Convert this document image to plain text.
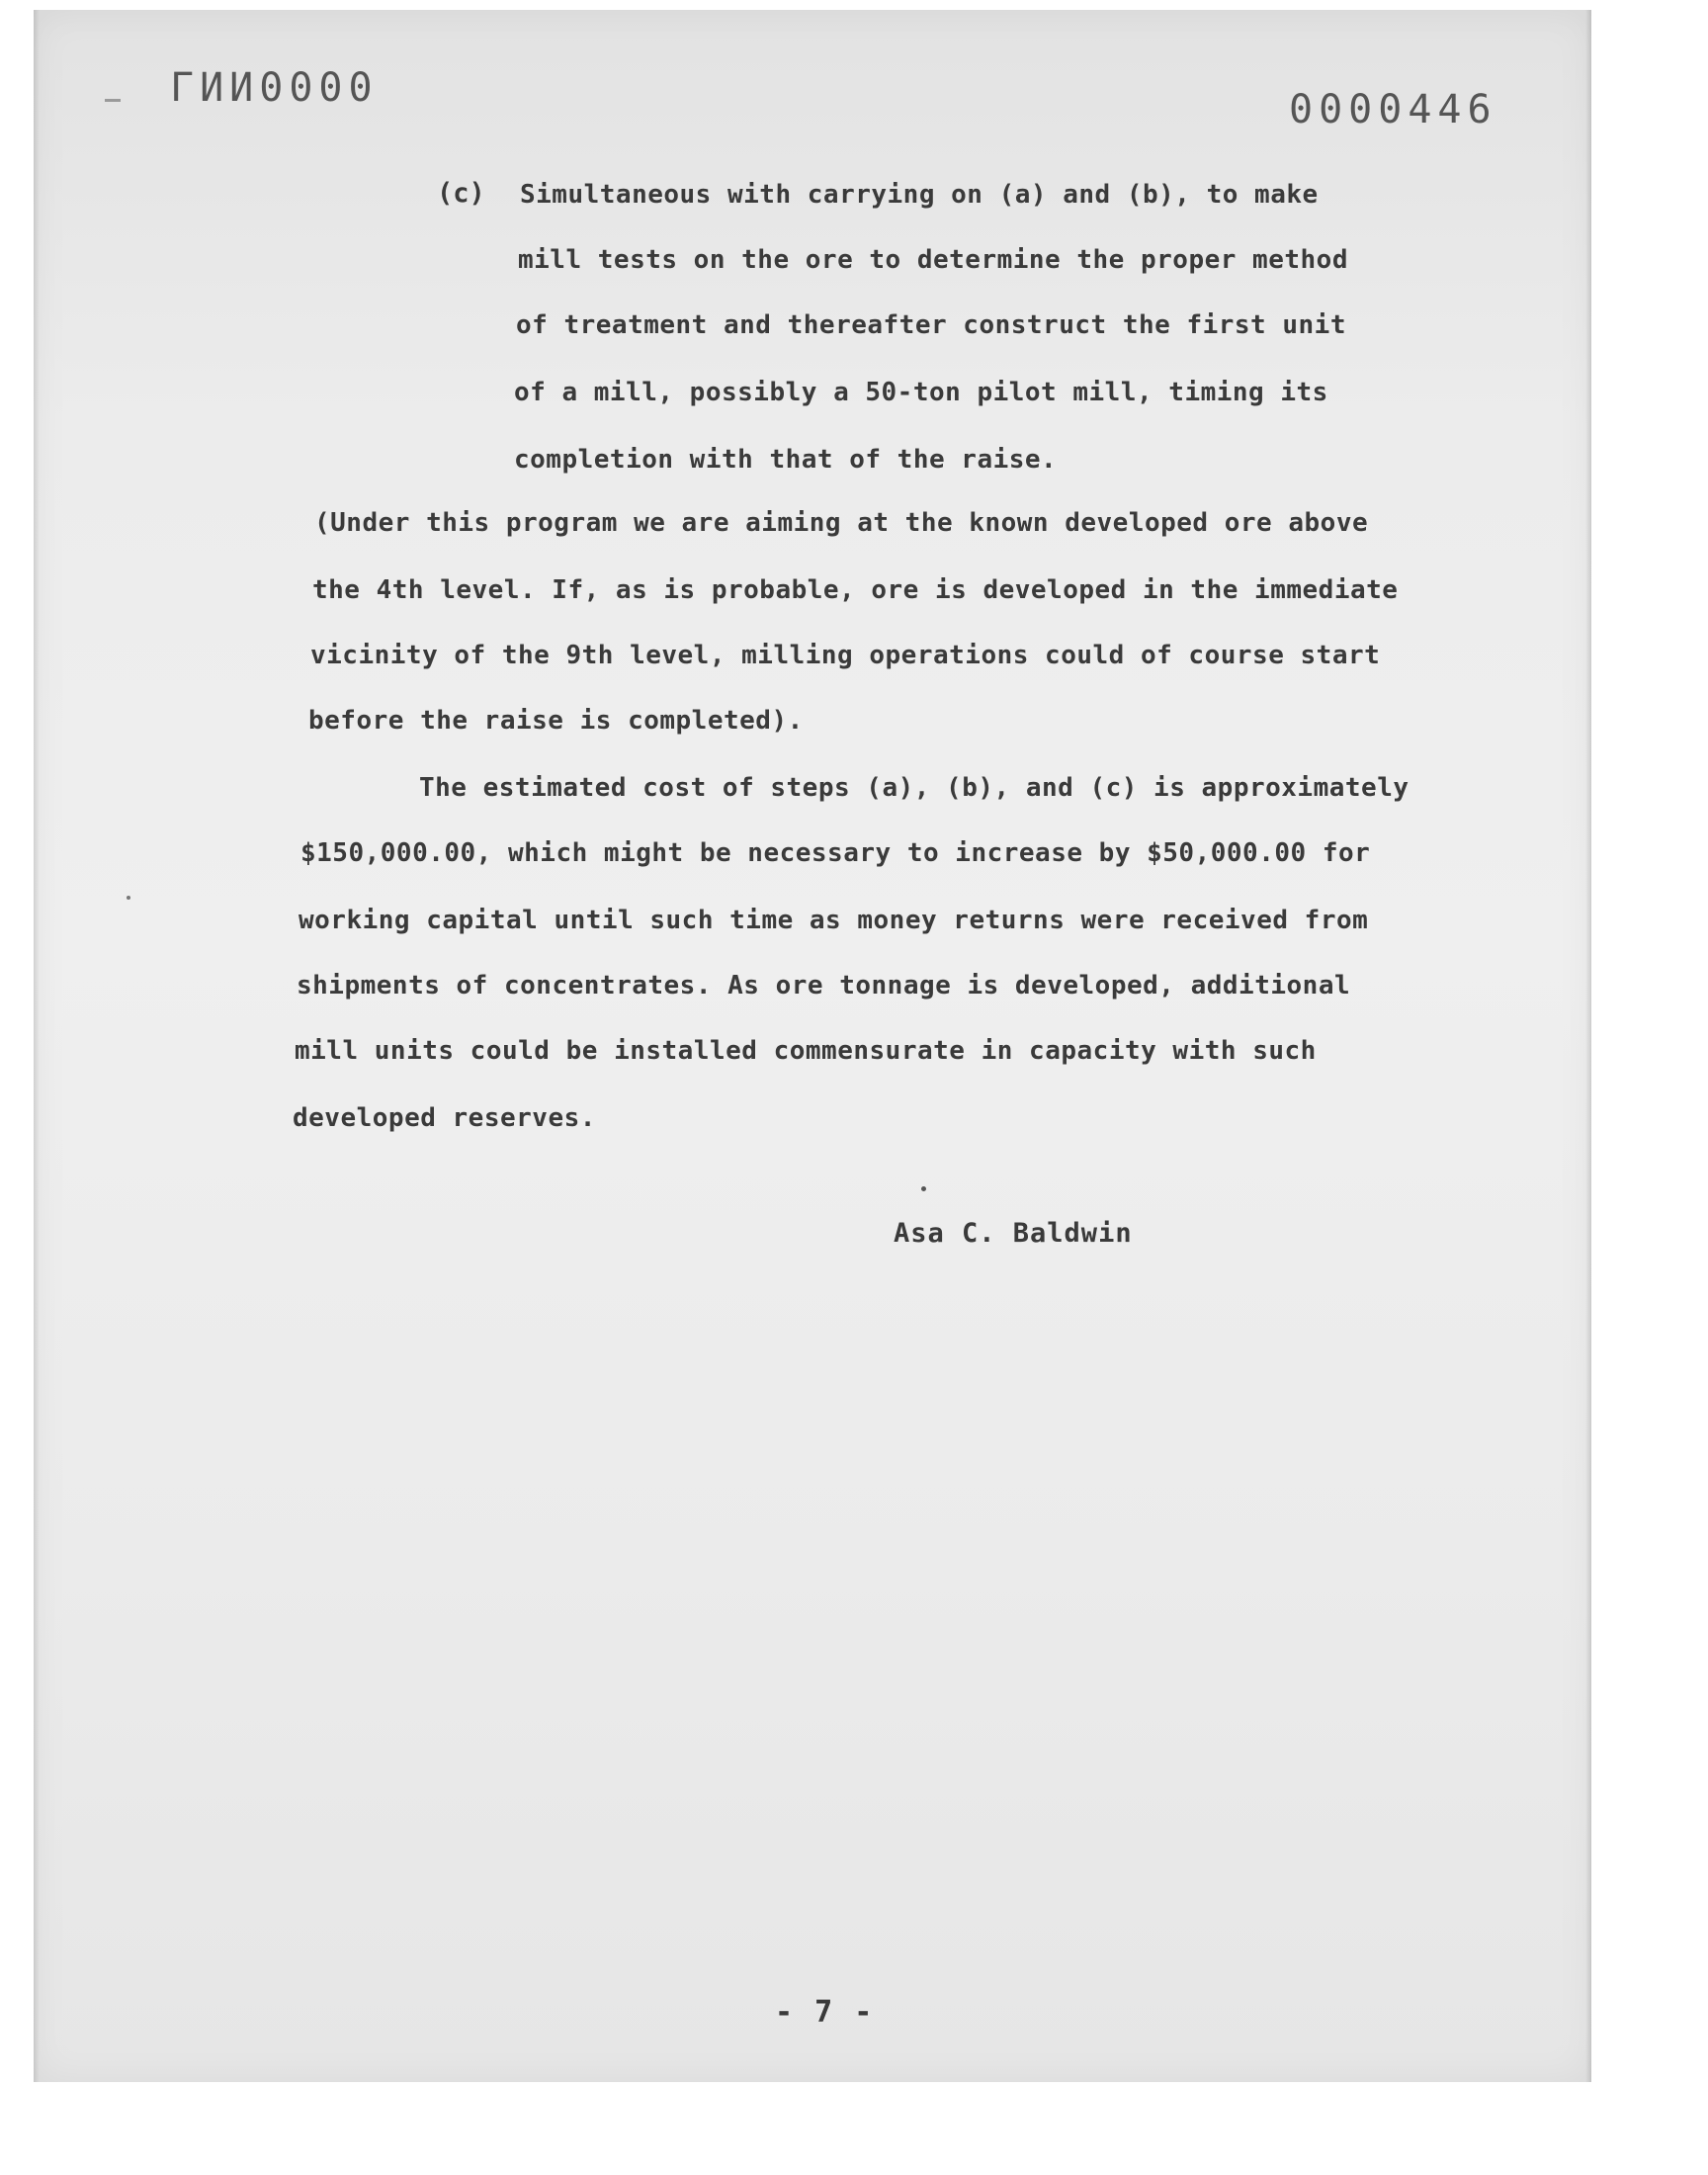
ГИИ0000	0000446
(c) Simultaneous with carrying on (a) and (b), to make
mill tests on the ore to determine the proper method
of treatment and thereafter construct the first unit
of a mill, possibly a 50-ton pilot mill, timing its
completion with that of the raise.
(Under this program we are aiming at the known developed ore above
the 4th level. If, as is probable, ore is developed in the immediate
vicinity of the 9th level, milling operations could of course start
before the raise is completed).
The estimated cost of steps (a), (b), and (c) is approximately
$150,000.00, which might be necessary to increase by $50,000.00 for
working capital until such time as money returns were received from
shipments of concentrates. As ore tonnage is developed, additional
mill units could be installed commensurate in capacity with such
developed reserves.
Asa C. Baldwin
- 7 -
